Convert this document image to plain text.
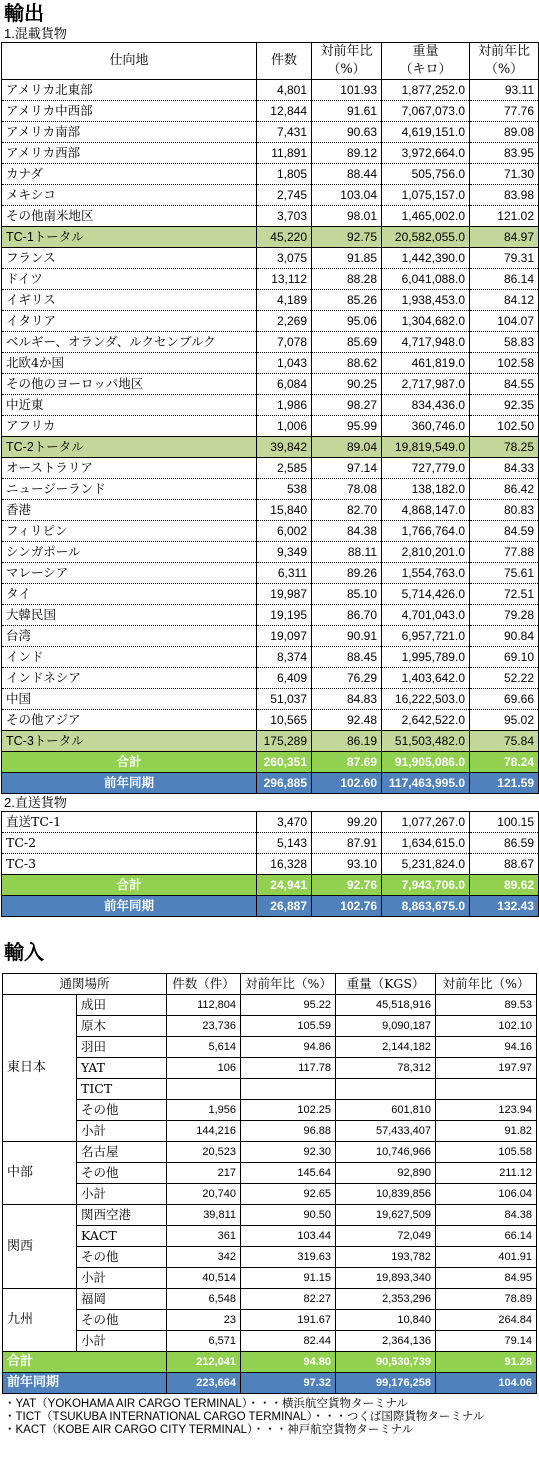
輸出
1.混載貨物
仕向地	件数	対前年比	重量	対前年比
		（%）	（キロ）	（%）
アメリカ北東部	4,801	101.93	1,877,252.0	93.11
アメリカ中西部	12,844	91.61	7,067,073.0	77.76
アメリカ南部	7,431	90.63	4,619,151.0	89.08
アメリカ西部	11,891	89.12	3,972,664.0	83.95
カナダ	1,805	88.44	505,756.0	71.30
メキシコ	2,745	103.04	1,075,157.0	83.98
その他南米地区	3,703	98.01	1,465,002.0	121.02
TC-1トータル	45,220	92.75	20,582,055.0	84.97
フランス	3,075	91.85	1,442,390.0	79.31
ドイツ	13,112	88.28	6,041,088.0	86.14
イギリス	4,189	85.26	1,938,453.0	84.12
イタリア	2,269	95.06	1,304,682.0	104.07
ベルギー、オランダ、ルクセンブルク	7,078	85.69	4,717,948.0	58.83
北欧4か国	1,043	88.62	461,819.0	102.58
その他のヨーロッパ地区	6,084	90.25	2,717,987.0	84.55
中近東	1,986	98.27	834,436.0	92.35
アフリカ	1,006	95.99	360,746.0	102.50
TC-2トータル	39,842	89.04	19,819,549.0	78.25
オーストラリア	2,585	97.14	727,779.0	84.33
ニュージーランド	538	78.08	138,182.0	86.42
香港	15,840	82.70	4,868,147.0	80.83
フィリピン	6,002	84.38	1,766,764.0	84.59
シンガポール	9,349	88.11	2,810,201.0	77.88
マレーシア	6,311	89.26	1,554,763.0	75.61
タイ	19,987	85.10	5,714,426.0	72.51
大韓民国	19,195	86.70	4,701,043.0	79.28
台湾	19,097	90.91	6,957,721.0	90.84
インド	8,374	88.45	1,995,789.0	69.10
インドネシア	6,409	76.29	1,403,642.0	52.22
中国	51,037	84.83	16,222,503.0	69.66
その他アジア	10,565	92.48	2,642,522.0	95.02
TC-3トータル	175,289	86.19	51,503,482.0	75.84
合計	260,351	87.69	91,905,086.0	78.24
前年同期	296,885	102.60	117,463,995.0	121.59
2.直送貨物
直送TC-1	3,470	99.20	1,077,267.0	100.15
TC-2	5,143	87.91	1,634,615.0	86.59
TC-3	16,328	93.10	5,231,824.0	88.67
合計	24,941	92.76	7,943,706.0	89.62
前年同期	26,887	102.76	8,863,675.0	132.43
輸入
通関場所		件数（件）	対前年比（%）	重量（KGS）	対前年比（%）
東日本	成田	112,804	95.22	45,518,916	89.53
	原木	23,736	105.59	9,090,187	102.10
	羽田	5,614	94.86	2,144,182	94.16
	YAT	106	117.78	78,312	197.97
	TICT				
	その他	1,956	102.25	601,810	123.94
	小計	144,216	96.88	57,433,407	91.82
中部	名古屋	20,523	92.30	10,746,966	105.58
	その他	217	145.64	92,890	211.12
	小計	20,740	92.65	10,839,856	106.04
関西	関西空港	39,811	90.50	19,627,509	84.38
	KACT	361	103.44	72,049	66.14
	その他	342	319.63	193,782	401.91
	小計	40,514	91.15	19,893,340	84.95
九州	福岡	6,548	82.27	2,353,296	78.89
	その他	23	191.67	10,840	264.84
	小計	6,571	82.44	2,364,136	79.14
合計		212,041	94.80	90,530,739	91.28
前年同期		223,664	97.32	99,176,258	104.06
・YAT（YOKOHAMA AIR CARGO TERMINAL）・・・横浜航空貨物ターミナル
・TICT（TSUKUBA INTERNATIONAL CARGO TERMINAL）・・・つくば国際貨物ターミナル
・KACT（KOBE AIR CARGO CITY TERMINAL）・・・神戸航空貨物ターミナル
